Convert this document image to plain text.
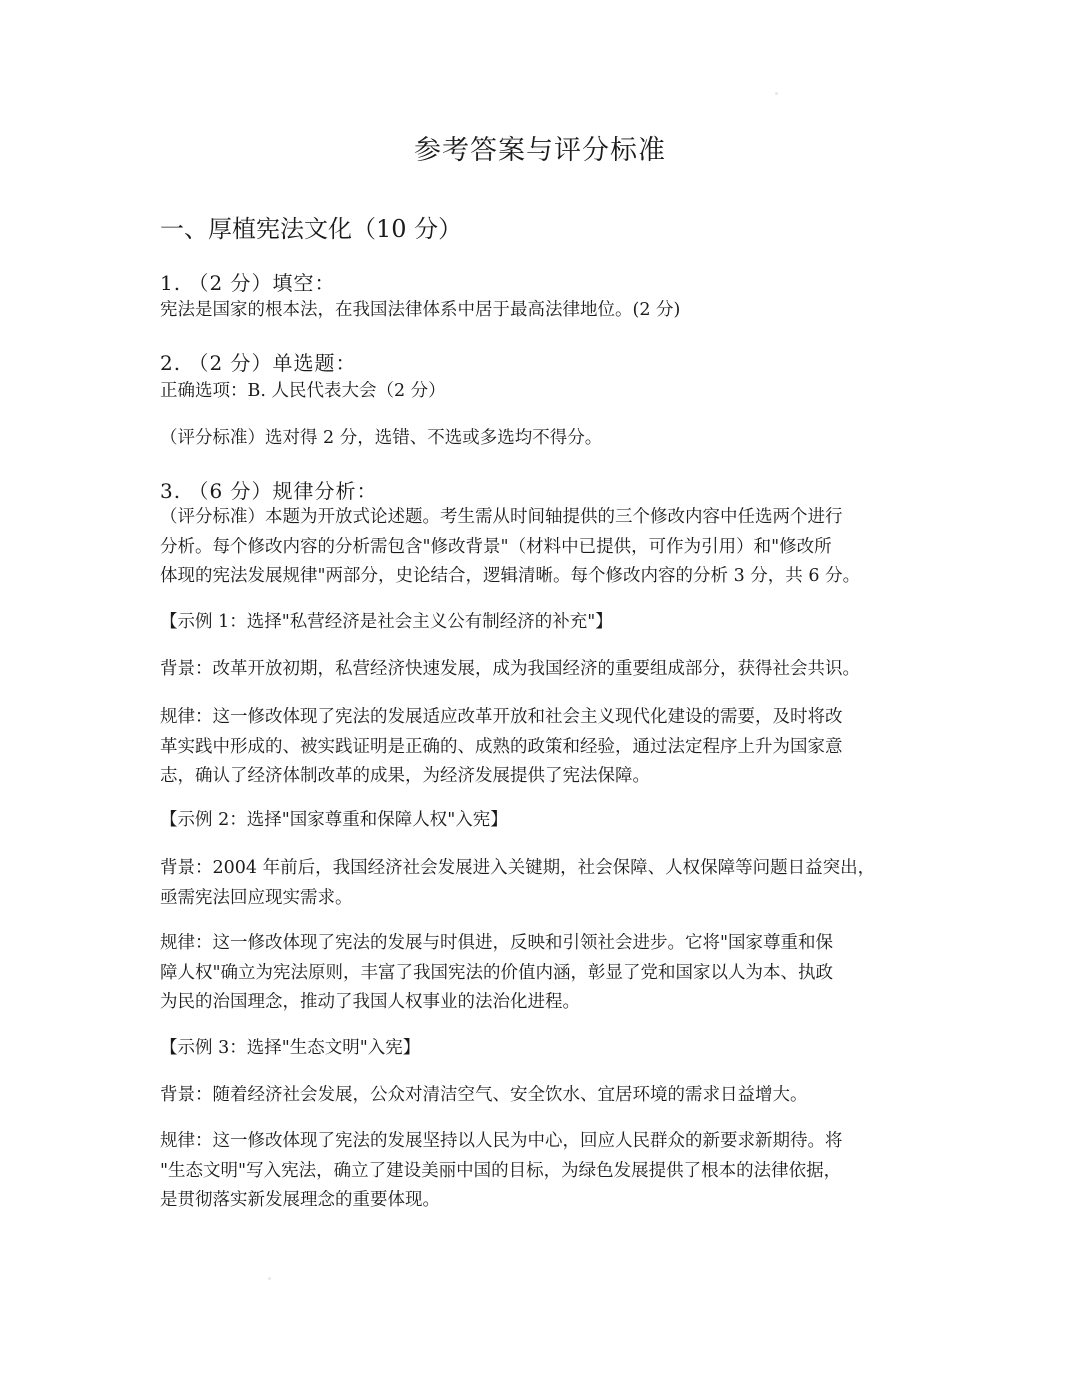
参考答案与评分标准
一、厚植宪法文化（10 分）
1. （2 分）填空：
宪法是国家的根本法，在我国法律体系中居于最高法律地位。(2 分)
2. （2 分）单选题：
正确选项：B. 人民代表大会（2 分）
（评分标准）选对得 2 分，选错、不选或多选均不得分。
3. （6 分）规律分析：
（评分标准）本题为开放式论述题。考生需从时间轴提供的三个修改内容中任选两个进行
分析。每个修改内容的分析需包含"修改背景"（材料中已提供，可作为引用）和"修改所
体现的宪法发展规律"两部分，史论结合，逻辑清晰。每个修改内容的分析 3 分，共 6 分。
【示例 1：选择"私营经济是社会主义公有制经济的补充"】
背景：改革开放初期，私营经济快速发展，成为我国经济的重要组成部分，获得社会共识。
规律：这一修改体现了宪法的发展适应改革开放和社会主义现代化建设的需要，及时将改
革实践中形成的、被实践证明是正确的、成熟的政策和经验，通过法定程序上升为国家意
志，确认了经济体制改革的成果，为经济发展提供了宪法保障。
【示例 2：选择"国家尊重和保障人权"入宪】
背景：2004 年前后，我国经济社会发展进入关键期，社会保障、人权保障等问题日益突出，
亟需宪法回应现实需求。
规律：这一修改体现了宪法的发展与时俱进，反映和引领社会进步。它将"国家尊重和保
障人权"确立为宪法原则，丰富了我国宪法的价值内涵，彰显了党和国家以人为本、执政
为民的治国理念，推动了我国人权事业的法治化进程。
【示例 3：选择"生态文明"入宪】
背景：随着经济社会发展，公众对清洁空气、安全饮水、宜居环境的需求日益增大。
规律：这一修改体现了宪法的发展坚持以人民为中心，回应人民群众的新要求新期待。将
"生态文明"写入宪法，确立了建设美丽中国的目标，为绿色发展提供了根本的法律依据，
是贯彻落实新发展理念的重要体现。
